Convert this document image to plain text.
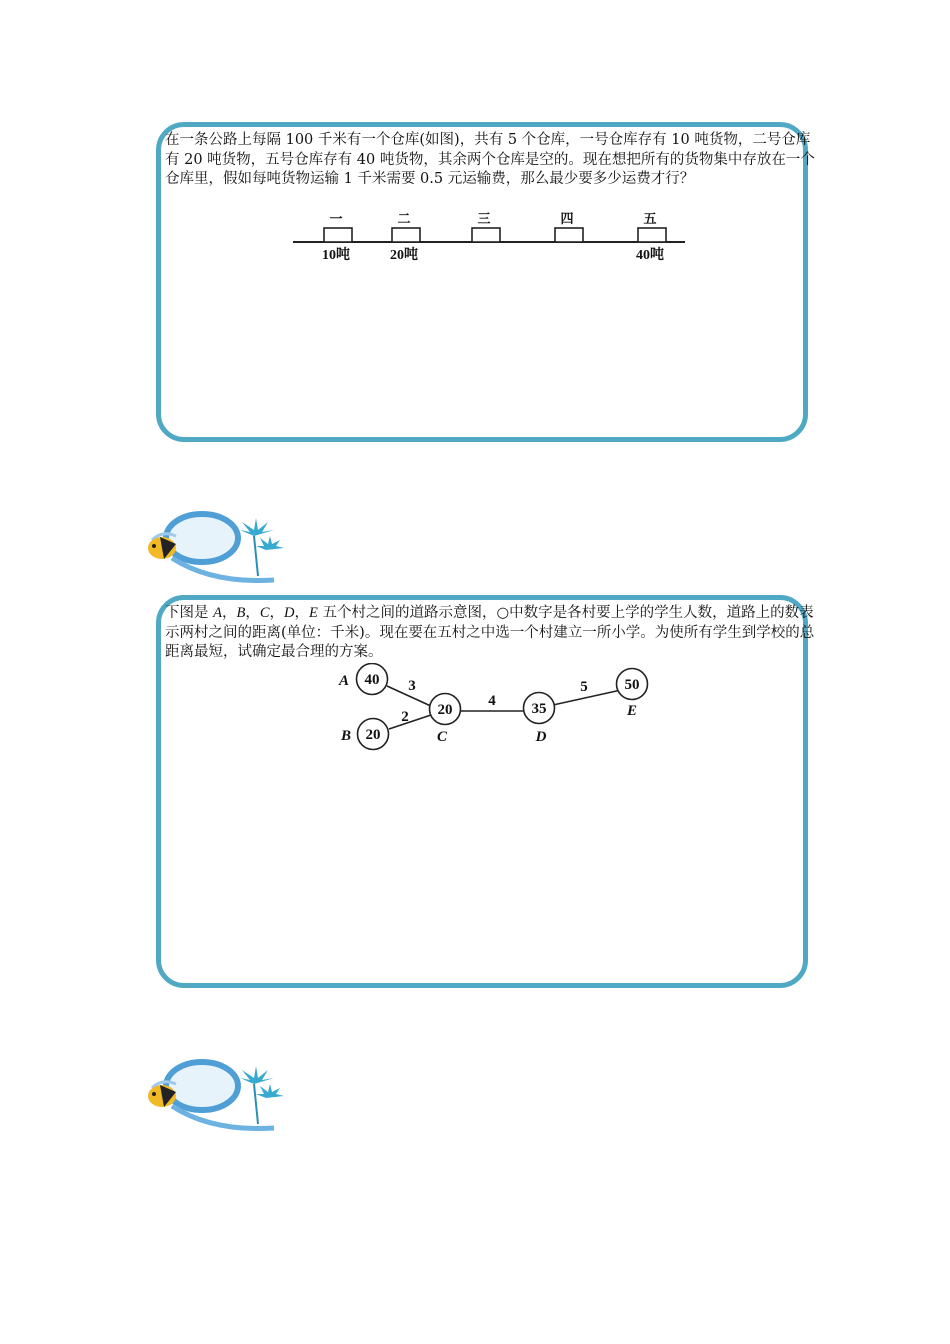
在一条公路上每隔 100 千米有一个仓库(如图)，共有 5 个仓库，一号仓库存有 10 吨货物，二号仓库有 20 吨货物，五号仓库存有 40 吨货物，其余两个仓库是空的。现在想把所有的货物集中存放在一个仓库里，假如每吨货物运输 1 千米需要 0.5 元运输费，那么最少要多少运费才行？

一
10吨
二
20吨
三	四	五
40吨

下图是 A，B，C，D，E 五个村之间的道路示意图，○中数字是各村要上学的学生人数，道路上的数表示两村之间的距离(单位：千米)。现在要在五村之中选一个村建立一所小学。为使所有学生到学校的总距离最短，试确定最合理的方案。

3
2
4
5
40
A
20
B
20
C
35
D
50
E
